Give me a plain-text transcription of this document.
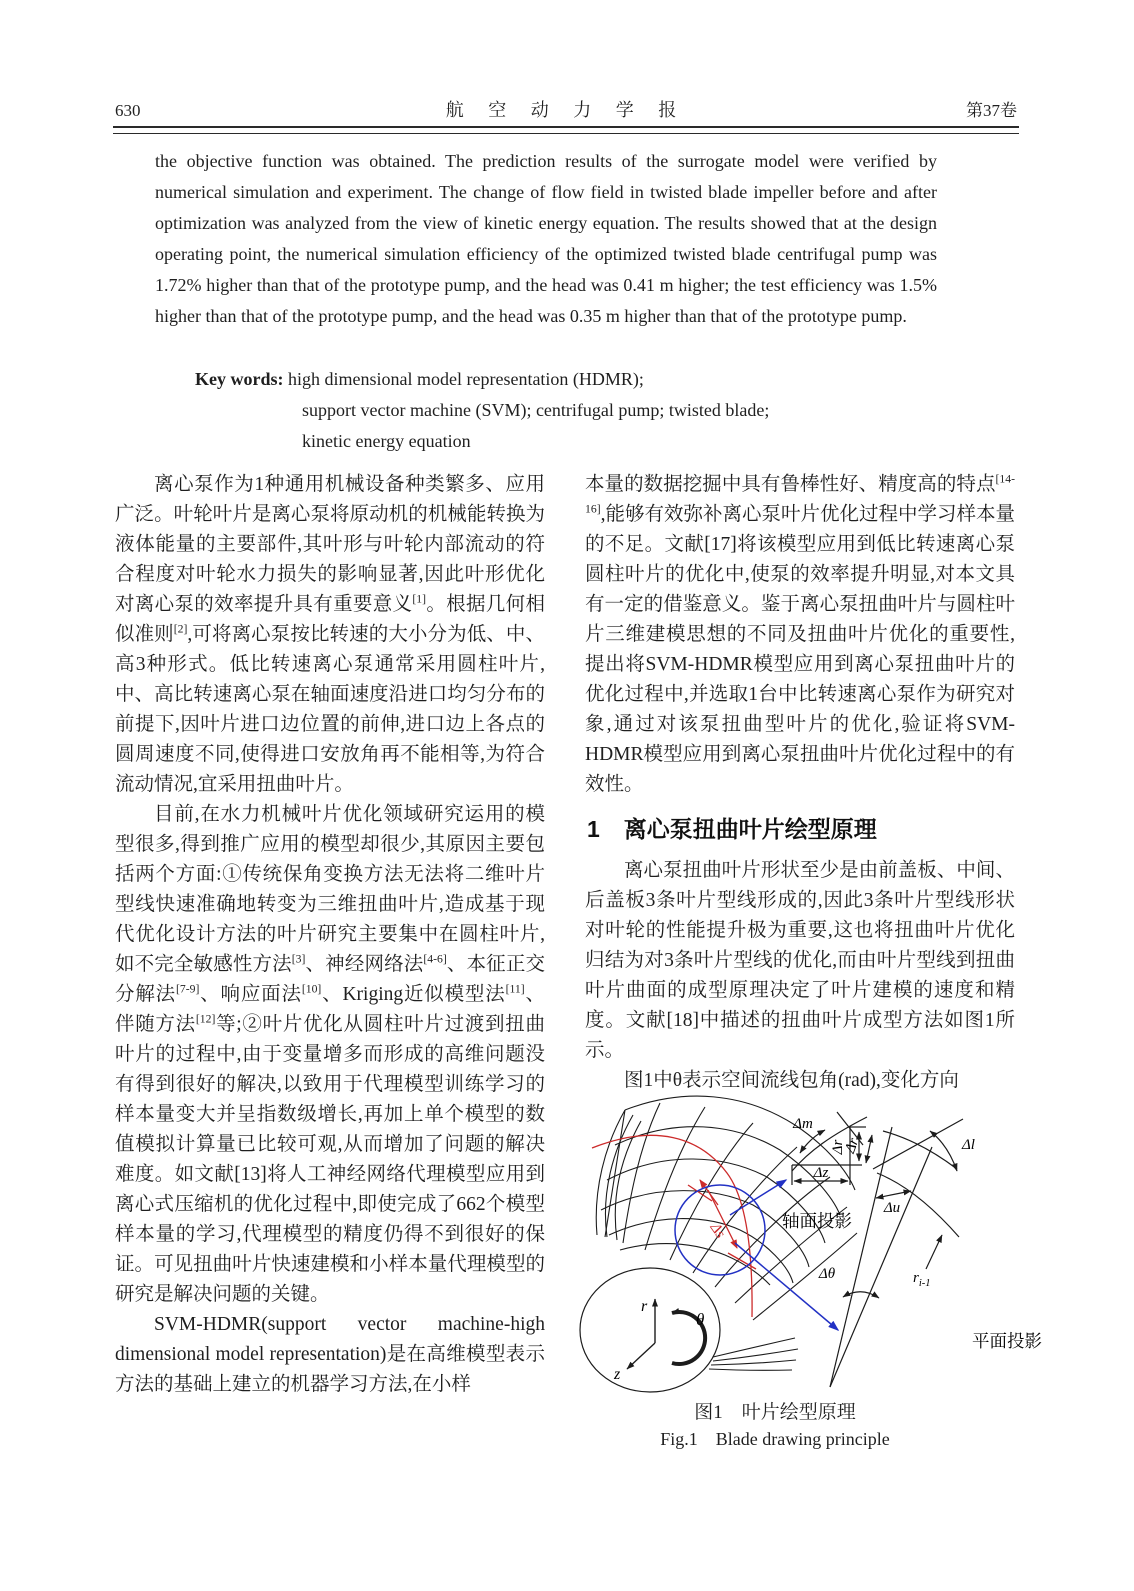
630	航 空 动 力 学 报	第37卷
the objective function was obtained. The prediction results of the surrogate model were verified by numerical simulation and experiment. The change of flow field in twisted blade impeller before and after optimization was analyzed from the view of kinetic energy equation. The results showed that at the design operating point, the numerical simulation efficiency of the optimized twisted blade centrifugal pump was 1.72% higher than that of the prototype pump, and the head was 0.41 m higher; the test efficiency was 1.5% higher than that of the prototype pump, and the head was 0.35 m higher than that of the prototype pump.
Key words: high dimensional model representation (HDMR);
support vector machine (SVM); centrifugal pump; twisted blade;
kinetic energy equation

离心泵作为1种通用机械设备种类繁多、应用广泛。叶轮叶片是离心泵将原动机的机械能转换为液体能量的主要部件,其叶形与叶轮内部流动的符合程度对叶轮水力损失的影响显著,因此叶形优化对离心泵的效率提升具有重要意义[1]。根据几何相似准则[2],可将离心泵按比转速的大小分为低、中、高3种形式。低比转速离心泵通常采用圆柱叶片,中、高比转速离心泵在轴面速度沿进口均匀分布的前提下,因叶片进口边位置的前伸,进口边上各点的圆周速度不同,使得进口安放角再不能相等,为符合流动情况,宜采用扭曲叶片。

目前,在水力机械叶片优化领域研究运用的模型很多,得到推广应用的模型却很少,其原因主要包括两个方面:①传统保角变换方法无法将二维叶片型线快速准确地转变为三维扭曲叶片,造成基于现代优化设计方法的叶片研究主要集中在圆柱叶片,如不完全敏感性方法[3]、神经网络法[4-6]、本征正交分解法[7-9]、响应面法[10]、Kriging近似模型法[11]、伴随方法[12]等;②叶片优化从圆柱叶片过渡到扭曲叶片的过程中,由于变量增多而形成的高维问题没有得到很好的解决,以致用于代理模型训练学习的样本量变大并呈指数级增长,再加上单个模型的数值模拟计算量已比较可观,从而增加了问题的解决难度。如文献[13]将人工神经网络代理模型应用到离心式压缩机的优化过程中,即使完成了662个模型样本量的学习,代理模型的精度仍得不到很好的保证。可见扭曲叶片快速建模和小样本量代理模型的研究是解决问题的关键。

SVM-HDMR(support vector machine-high dimensional model representation)是在高维模型表示方法的基础上建立的机器学习方法,在小样

本量的数据挖掘中具有鲁棒性好、精度高的特点[14-16],能够有效弥补离心泵叶片优化过程中学习样本量的不足。文献[17]将该模型应用到低比转速离心泵圆柱叶片的优化中,使泵的效率提升明显,对本文具有一定的借鉴意义。鉴于离心泵扭曲叶片与圆柱叶片三维建模思想的不同及扭曲叶片优化的重要性,提出将SVM-HDMR模型应用到离心泵扭曲叶片的优化过程中,并选取1台中比转速离心泵作为研究对象,通过对该泵扭曲型叶片的优化,验证将SVM-HDMR模型应用到离心泵扭曲叶片优化过程中的有效性。

1 离心泵扭曲叶片绘型原理

离心泵扭曲叶片形状至少是由前盖板、中间、后盖板3条叶片型线形成的,因此3条叶片型线形状对叶轮的性能提升极为重要,这也将扭曲叶片优化归结为对3条叶片型线的优化,而由叶片型线到扭曲叶片曲面的成型原理决定了叶片建模的速度和精度。文献[18]中描述的扭曲叶片成型方法如图1所示。

图1中θ表示空间流线包角(rad),变化方向

r
z
θ
Δs
Δm
Δr
Δz
轴面投影
Δr	Δl
Δu
Δθ	$r_{i-1}$
平面投影
图1　叶片绘型原理
Fig.1　Blade drawing principle
